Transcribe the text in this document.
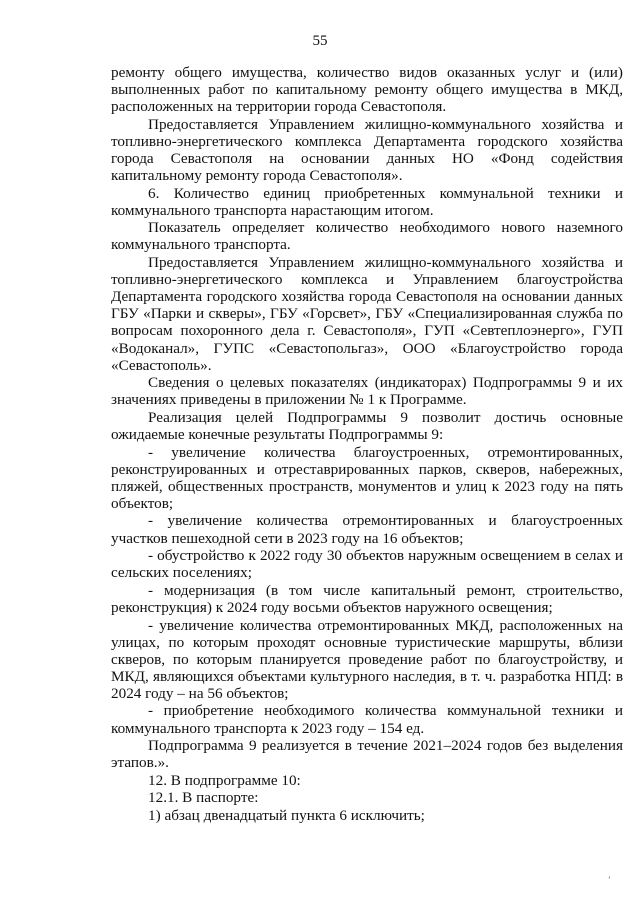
55

ремонту общего имущества, количество видов оказанных услуг и (или) выполненных работ по капитальному ремонту общего имущества в МКД, расположенных на территории города Севастополя.

Предоставляется Управлением жилищно-коммунального хозяйства и топливно-энергетического комплекса Департамента городского хозяйства города Севастополя на основании данных НО «Фонд содействия капитальному ремонту города Севастополя».

6. Количество единиц приобретенных коммунальной техники и коммунального транспорта нарастающим итогом.

Показатель определяет количество необходимого нового наземного коммунального транспорта.

Предоставляется Управлением жилищно-коммунального хозяйства и топливно-энергетического комплекса и Управлением благоустройства Департамента городского хозяйства города Севастополя на основании данных ГБУ «Парки и скверы», ГБУ «Горсвет», ГБУ «Специализированная служба по вопросам похоронного дела г. Севастополя», ГУП «Севтеплоэнерго», ГУП «Водоканал», ГУПС «Севастопольгаз», ООО «Благоустройство города «Севастополь».

Сведения о целевых показателях (индикаторах) Подпрограммы 9 и их значениях приведены в приложении № 1 к Программе.

Реализация целей Подпрограммы 9 позволит достичь основные ожидаемые конечные результаты Подпрограммы 9:

- увеличение количества благоустроенных, отремонтированных, реконструированных и отреставрированных парков, скверов, набережных, пляжей, общественных пространств, монументов и улиц к 2023 году на пять объектов;

- увеличение количества отремонтированных и благоустроенных участков пешеходной сети в 2023 году на 16 объектов;

- обустройство к 2022 году 30 объектов наружным освещением в селах и сельских поселениях;

- модернизация (в том числе капитальный ремонт, строительство, реконструкция) к 2024 году восьми объектов наружного освещения;

- увеличение количества отремонтированных МКД, расположенных на улицах, по которым проходят основные туристические маршруты, вблизи скверов, по которым планируется проведение работ по благоустройству, и МКД, являющихся объектами культурного наследия, в т. ч. разработка НПД: в 2024 году – на 56 объектов;

- приобретение необходимого количества коммунальной техники и коммунального транспорта к 2023 году – 154 ед.

Подпрограмма 9 реализуется в течение 2021–2024 годов без выделения этапов.».

12. В подпрограмме 10:

12.1. В паспорте:

1) абзац двенадцатый пункта 6 исключить;

’
